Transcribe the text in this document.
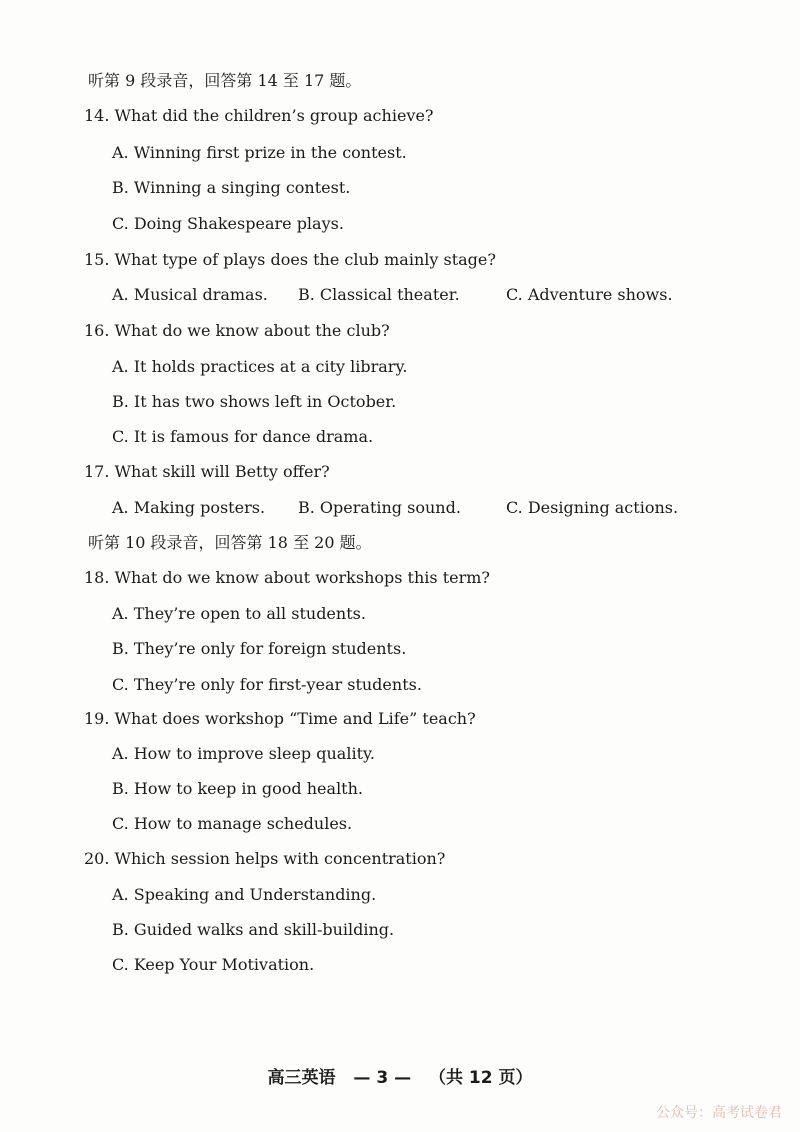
听第 9 段录音，回答第 14 至 17 题。
14. What did the children’s group achieve?
A. Winning first prize in the contest.
B. Winning a singing contest.
C. Doing Shakespeare plays.
15. What type of plays does the club mainly stage?
A. Musical dramas. B. Classical theater.	C. Adventure shows.
16. What do we know about the club?
A. It holds practices at a city library.
B. It has two shows left in October.
C. It is famous for dance drama.
17. What skill will Betty offer?
A. Making posters. B. Operating sound.	C. Designing actions.
听第 10 段录音，回答第 18 至 20 题。
18. What do we know about workshops this term?
A. They’re open to all students.
B. They’re only for foreign students.
C. They’re only for first-year students.
19. What does workshop “Time and Life” teach?
A. How to improve sleep quality.
B. How to keep in good health.
C. How to manage schedules.
20. Which session helps with concentration?
A. Speaking and Understanding.
B. Guided walks and skill-building.
C. Keep Your Motivation.
高三英语 — 3 — （共 12 页）
公众号：高考试卷君
